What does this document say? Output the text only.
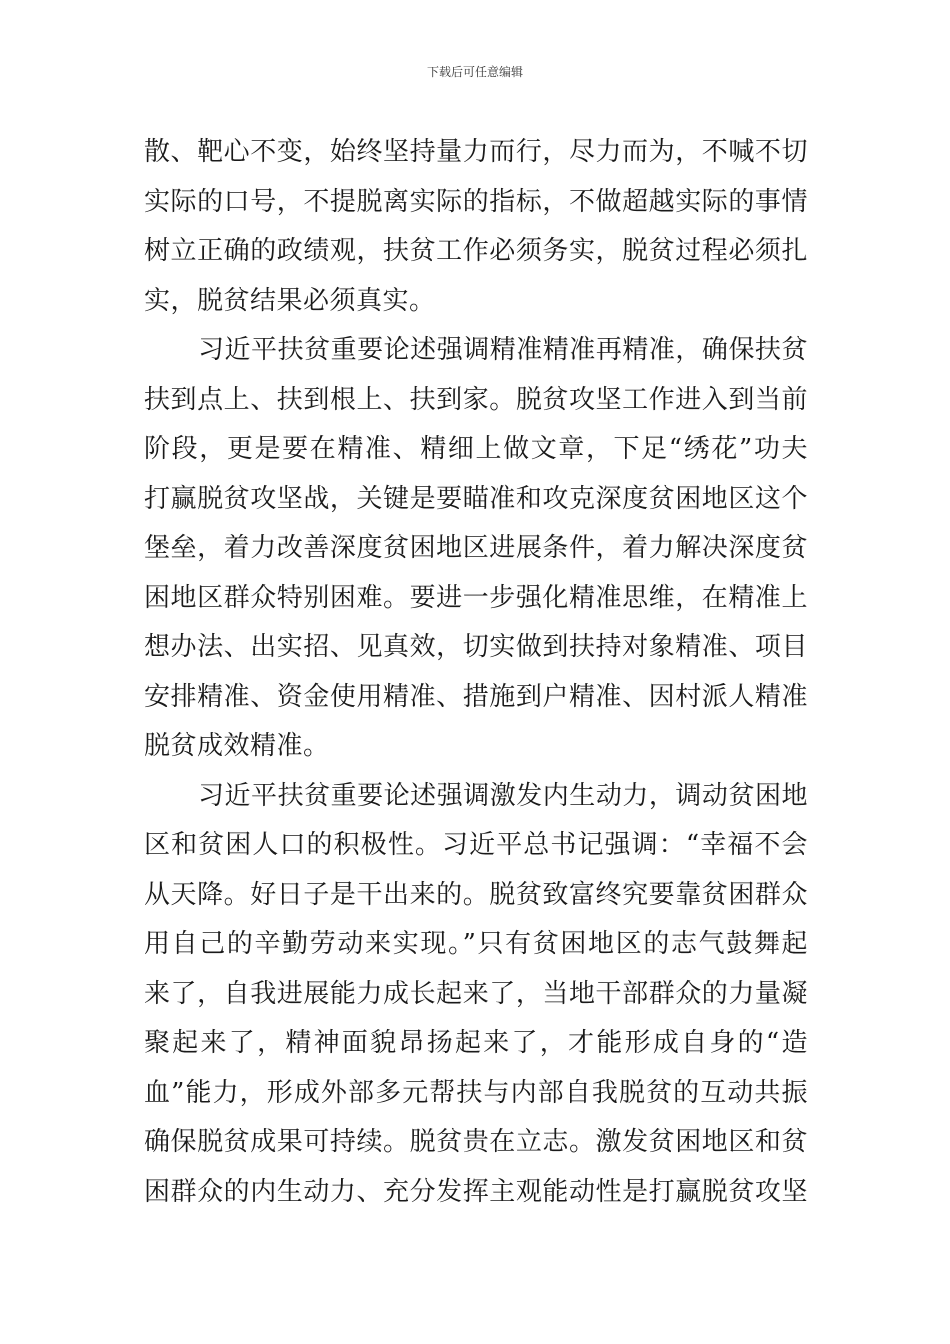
下载后可任意编辑
散、靶心不变，始终坚持量力而行，尽力而为，不喊不切
实际的口号，不提脱离实际的指标，不做超越实际的事情
树立正确的政绩观，扶贫工作必须务实，脱贫过程必须扎
实，脱贫结果必须真实。
习近平扶贫重要论述强调精准精准再精准，确保扶贫
扶到点上、扶到根上、扶到家。脱贫攻坚工作进入到当前
阶段，更是要在精准、精细上做文章，下足“绣花”功夫
打赢脱贫攻坚战，关键是要瞄准和攻克深度贫困地区这个
堡垒，着力改善深度贫困地区进展条件，着力解决深度贫
困地区群众特别困难。要进一步强化精准思维，在精准上
想办法、出实招、见真效，切实做到扶持对象精准、项目
安排精准、资金使用精准、措施到户精准、因村派人精准
脱贫成效精准。
习近平扶贫重要论述强调激发内生动力，调动贫困地
区和贫困人口的积极性。习近平总书记强调：“幸福不会
从天降。好日子是干出来的。脱贫致富终究要靠贫困群众
用自己的辛勤劳动来实现。”只有贫困地区的志气鼓舞起
来了，自我进展能力成长起来了，当地干部群众的力量凝
聚起来了，精神面貌昂扬起来了，才能形成自身的“造
血”能力，形成外部多元帮扶与内部自我脱贫的互动共振
确保脱贫成果可持续。脱贫贵在立志。激发贫困地区和贫
困群众的内生动力、充分发挥主观能动性是打赢脱贫攻坚
